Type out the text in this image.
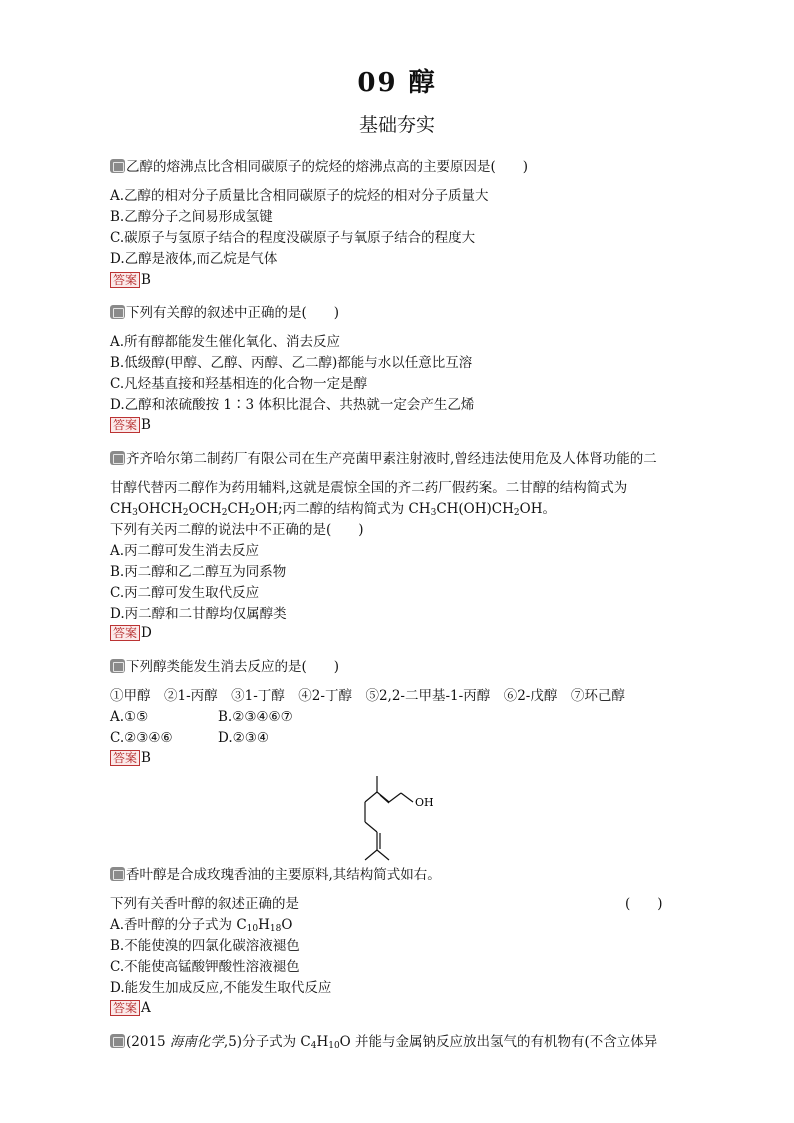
09 醇
基础夯实
乙醇的熔沸点比含相同碳原子的烷烃的熔沸点高的主要原因是(　　)
A.乙醇的相对分子质量比含相同碳原子的烷烃的相对分子质量大
B.乙醇分子之间易形成氢键
C.碳原子与氢原子结合的程度没碳原子与氧原子结合的程度大
D.乙醇是液体,而乙烷是气体
答案 B
下列有关醇的叙述中正确的是(　　)
A.所有醇都能发生催化氧化、消去反应
B.低级醇(甲醇、乙醇、丙醇、乙二醇)都能与水以任意比互溶
C.凡烃基直接和羟基相连的化合物一定是醇
D.乙醇和浓硫酸按 1∶3 体积比混合、共热就一定会产生乙烯
答案 B
齐齐哈尔第二制药厂有限公司在生产亮菌甲素注射液时,曾经违法使用危及人体肾功能的二
甘醇代替丙二醇作为药用辅料,这就是震惊全国的齐二药厂假药案。二甘醇的结构简式为
$CH_3OHCH_2OCH_2CH_2OH$;丙二醇的结构简式为 $CH_3CH(OH)CH_2OH$。
下列有关丙二醇的说法中不正确的是(　　)
A.丙二醇可发生消去反应
B.丙二醇和乙二醇互为同系物
C.丙二醇可发生取代反应
D.丙二醇和二甘醇均仅属醇类
答案 D
下列醇类能发生消去反应的是(　　)
①甲醇　②1-丙醇　③1-丁醇　④2-丁醇　⑤2,2-二甲基-1-丙醇　⑥2-戊醇　⑦环己醇
A.①⑤	B.②③④⑥⑦
C.②③④⑥	D.②③④
答案 B
OH
香叶醇是合成玫瑰香油的主要原料,其结构简式如右。
下列有关香叶醇的叙述正确的是	(　　)
A.香叶醇的分子式为 $C_{10}H_{18}O$
B.不能使溴的四氯化碳溶液褪色
C.不能使高锰酸钾酸性溶液褪色
D.能发生加成反应,不能发生取代反应
答案 A
(2015 海南化学,5)分子式为 $C_4H_{10}O$ 并能与金属钠反应放出氢气的有机物有(不含立体异
